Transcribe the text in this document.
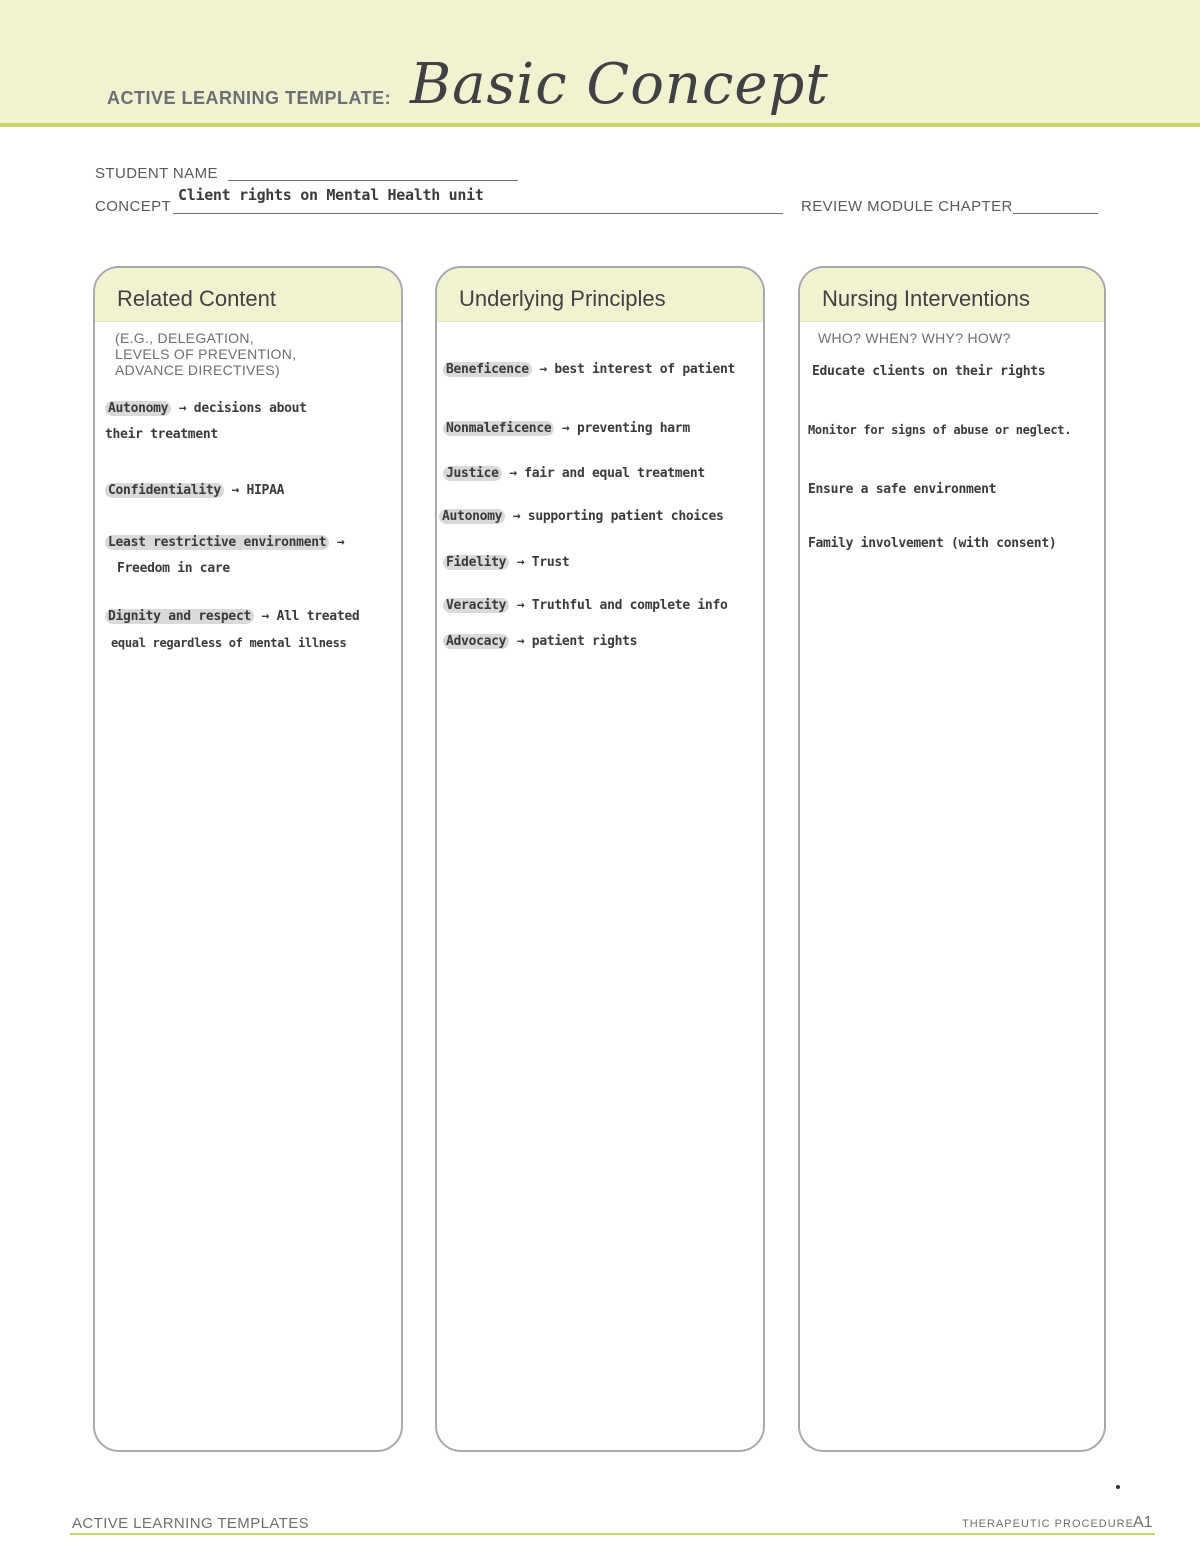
ACTIVE LEARNING TEMPLATE: Basic Concept
STUDENT NAME
CONCEPT
Client rights on Mental Health unit
REVIEW MODULE CHAPTER
Related Content
(E.G., DELEGATION,
LEVELS OF PREVENTION,
ADVANCE DIRECTIVES)
Autonomy → decisions about
their treatment
Confidentiality → HIPAA
Least restrictive environment →
Freedom in care
Dignity and respect → All treated
equal regardless of mental illness
Underlying Principles
Beneficence → best interest of patient
Nonmaleficence → preventing harm
Justice → fair and equal treatment
Autonomy → supporting patient choices
Fidelity → Trust
Veracity → Truthful and complete info
Advocacy → patient rights
Nursing Interventions
WHO? WHEN? WHY? HOW?
Educate clients on their rights
Monitor for signs of abuse or neglect.
Ensure a safe environment
Family involvement (with consent)
ACTIVE LEARNING TEMPLATES	THERAPEUTIC PROCEDURE A1
